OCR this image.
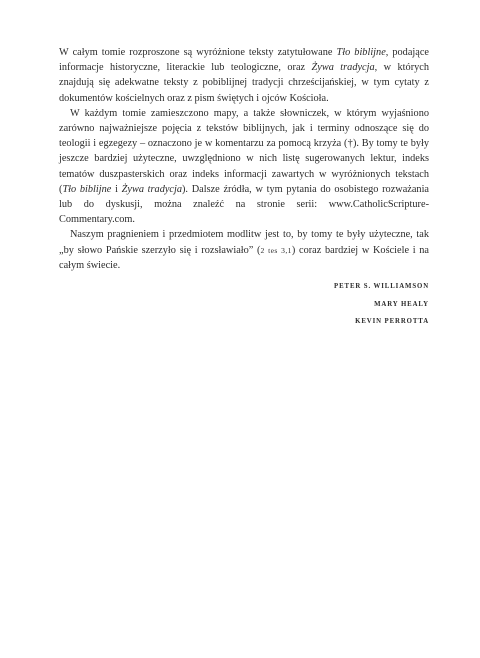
W całym tomie rozproszone są wyróżnione teksty zatytułowane Tło biblijne, podające informacje historyczne, literackie lub teologiczne, oraz Żywa tradycja, w których znajdują się adekwatne teksty z pobiblijnej tradycji chrześcijańskiej, w tym cytaty z dokumentów kościelnych oraz z pism świętych i ojców Kościoła.

W każdym tomie zamieszczono mapy, a także słowniczek, w którym wyjaśniono zarówno najważniejsze pojęcia z tekstów biblijnych, jak i terminy odnoszące się do teologii i egzegezy – oznaczono je w komentarzu za pomocą krzyża (†). By tomy te były jeszcze bardziej użyteczne, uwzględniono w nich listę sugerowanych lektur, indeks tematów duszpasterskich oraz indeks informacji zawartych w wyróżnionych tekstach (Tło biblijne i Żywa tradycja). Dalsze źródła, w tym pytania do osobistego rozważania lub do dyskusji, można znaleźć na stronie serii: www.CatholicScriptureCommentary.com.

Naszym pragnieniem i przedmiotem modlitw jest to, by tomy te były użyteczne, tak „by słowo Pańskie szerzyło się i rozsławiało” (2 tes 3,1) coraz bardziej w Kościele i na całym świecie.

PETER S. WILLIAMSON
MARY HEALY
KEVIN PERROTTA
